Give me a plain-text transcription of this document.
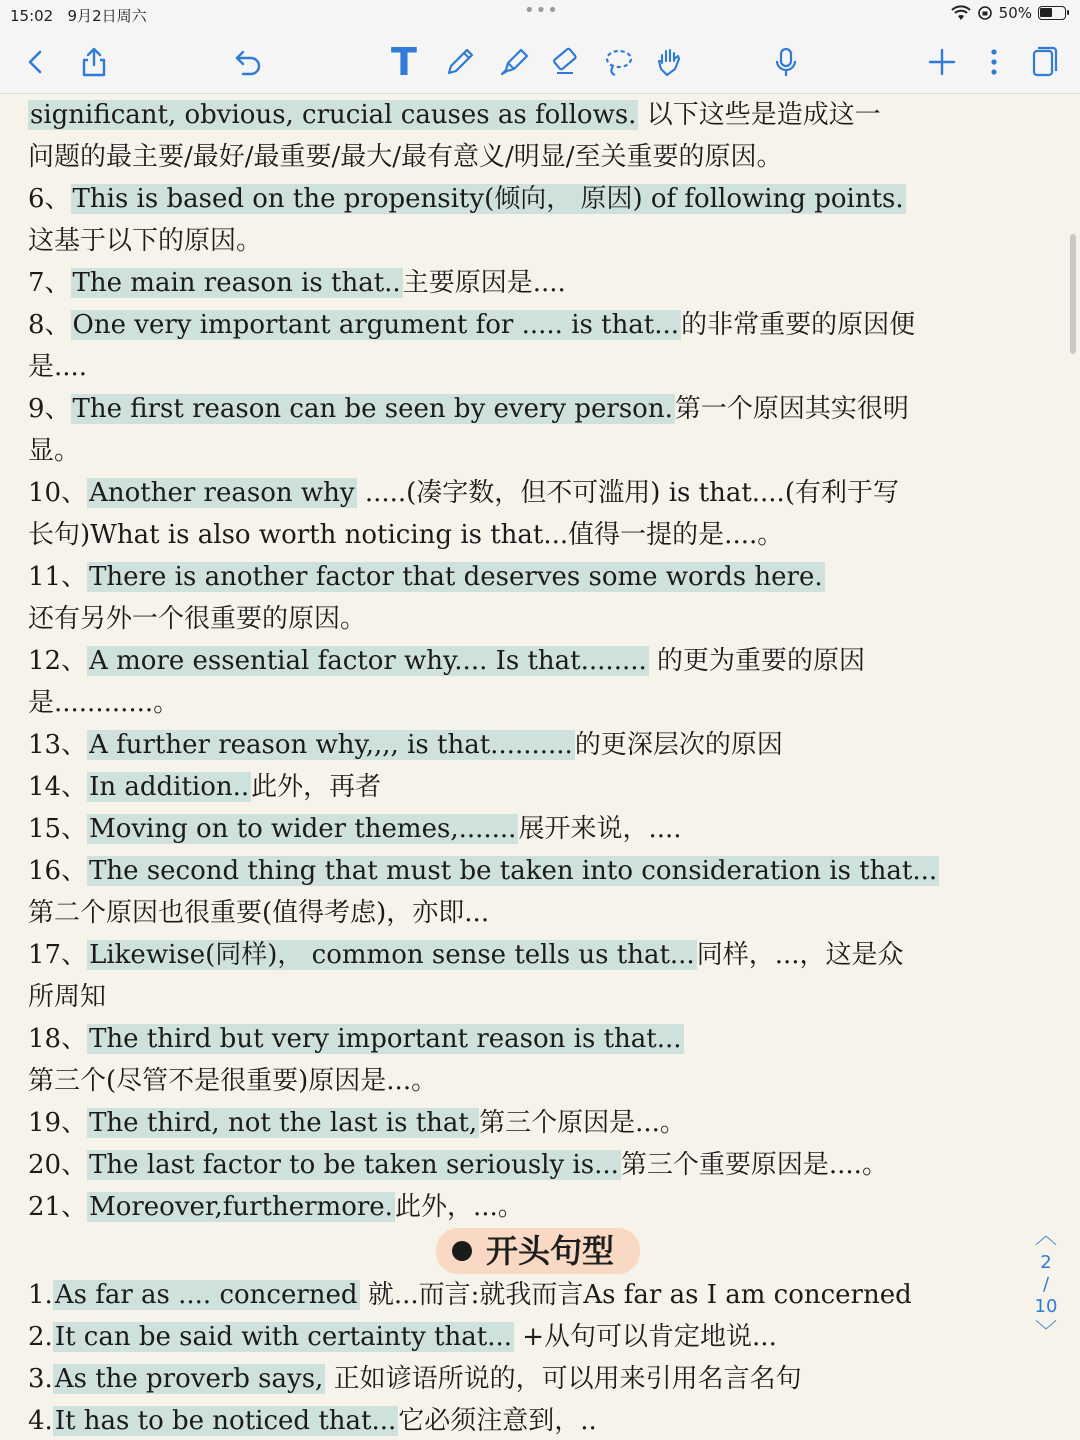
15:02 9月2日周六	•••	50%
T
significant, obvious, crucial causes as follows. 以下这些是造成这一
问题的最主要/最好/最重要/最大/最有意义/明显/至关重要的原因。
6、This is based on the propensity(倾向， 原因) of following points.
这基于以下的原因。
7、The main reason is that..主要原因是....
8、One very important argument for ..... is that...的非常重要的原因便
是....
9、The first reason can be seen by every person.第一个原因其实很明
显。
10、Another reason why .....(凑字数，但不可滥用) is that....(有利于写
长句)What is also worth noticing is that...值得一提的是....。
11、There is another factor that deserves some words here.
还有另外一个很重要的原因。
12、A more essential factor why.... Is that........ 的更为重要的原因
是............。
13、A further reason why,,,, is that..........的更深层次的原因
14、In addition..此外，再者
15、Moving on to wider themes,.......展开来说，....
16、The second thing that must be taken into consideration is that...
第二个原因也很重要(值得考虑)，亦即...
17、Likewise(同样)， common sense tells us that...同样，...，这是众
所周知
18、The third but very important reason is that...
第三个(尽管不是很重要)原因是...。
19、The third, not the last is that,第三个原因是...。
20、The last factor to be taken seriously is...第三个重要原因是....。
21、Moreover,furthermore.此外，...。
开头句型
1.As far as .... concerned 就...而言:就我而言As far as I am concerned
2.It can be said with certainty that... +从句可以肯定地说...
3.As the proverb says, 正如谚语所说的，可以用来引用名言名句
4.It has to be noticed that...它必须注意到，..
︿
2
/
10
﹀
